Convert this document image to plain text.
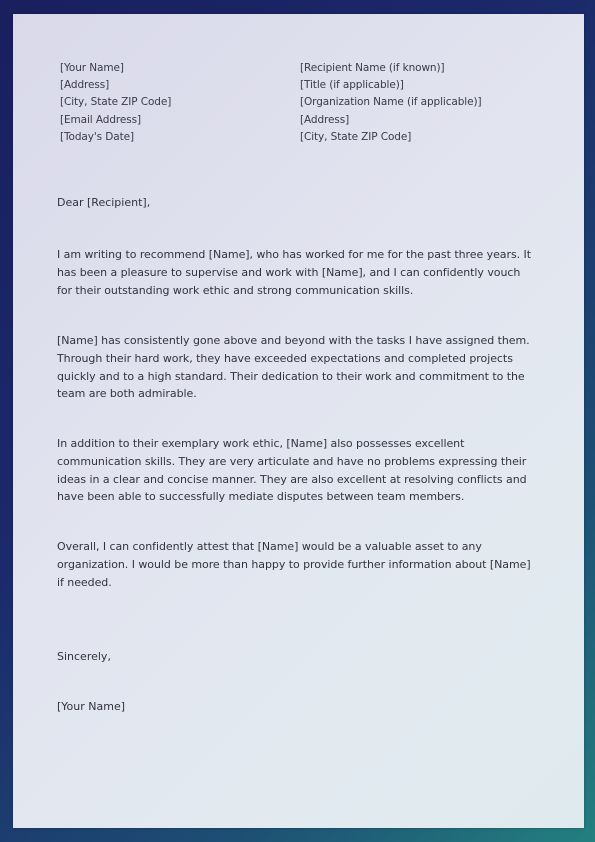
[Your Name]
[Address]
[City, State ZIP Code]
[Email Address]
[Today's Date]
[Recipient Name (if known)]
[Title (if applicable)]
[Organization Name (if applicable)]
[Address]
[City, State ZIP Code]
Dear [Recipient],
I am writing to recommend [Name], who has worked for me for the past three years. It has been a pleasure to supervise and work with [Name], and I can confidently vouch for their outstanding work ethic and strong communication skills.
[Name] has consistently gone above and beyond with the tasks I have assigned them. Through their hard work, they have exceeded expectations and completed projects quickly and to a high standard. Their dedication to their work and commitment to the team are both admirable.
In addition to their exemplary work ethic, [Name] also possesses excellent communication skills. They are very articulate and have no problems expressing their ideas in a clear and concise manner. They are also excellent at resolving conflicts and have been able to successfully mediate disputes between team members.
Overall, I can confidently attest that [Name] would be a valuable asset to any organization. I would be more than happy to provide further information about [Name] if needed.
Sincerely,
[Your Name]
